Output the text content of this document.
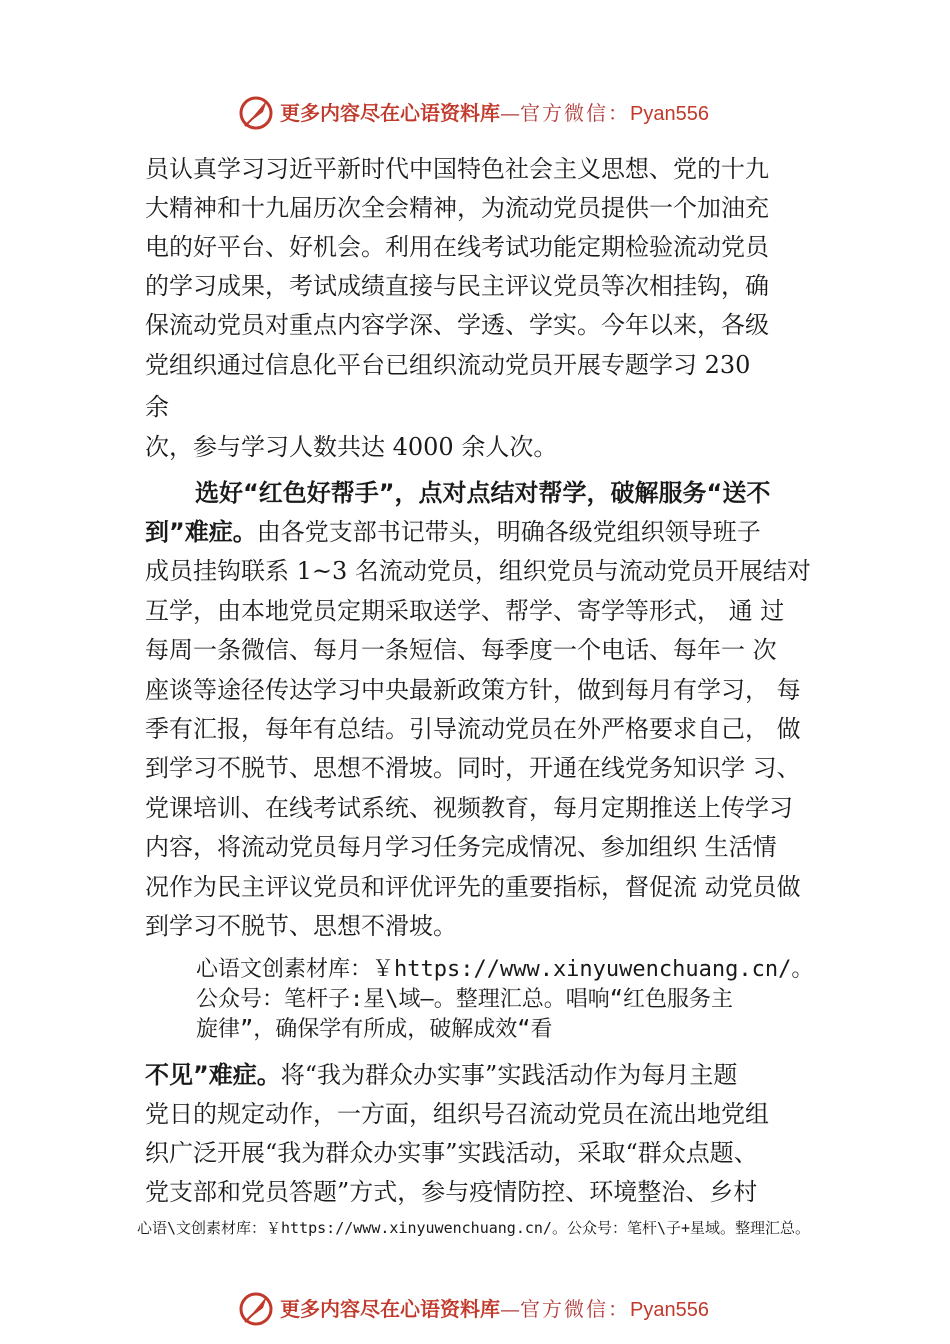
更多内容尽在心语资料库—官方微信：Pyan556
员认真学习习近平新时代中国特色社会主义思想、党的十九
大精神和十九届历次全会精神，为流动党员提供一个加油充
电的好平台、好机会。利用在线考试功能定期检验流动党员
的学习成果，考试成绩直接与民主评议党员等次相挂钩，确
保流动党员对重点内容学深、学透、学实。今年以来，各级
党组织通过信息化平台已组织流动党员开展专题学习 230
余
次，参与学习人数共达 4000 余人次。
选好“红色好帮手”，点对点结对帮学，破解服务“送不
到”难症。由各党支部书记带头，明确各级党组织领导班子
成员挂钩联系 1~3 名流动党员，组织党员与流动党员开展结对
互学，由本地党员定期采取送学、帮学、寄学等形式， 通 过
每周一条微信、每月一条短信、每季度一个电话、每年一 次
座谈等途径传达学习中央最新政策方针，做到每月有学习， 每
季有汇报，每年有总结。引导流动党员在外严格要求自己， 做
到学习不脱节、思想不滑坡。同时，开通在线党务知识学 习、
党课培训、在线考试系统、视频教育，每月定期推送上传学习
内容，将流动党员每月学习任务完成情况、参加组织 生活情
况作为民主评议党员和评优评先的重要指标，督促流 动党员做
到学习不脱节、思想不滑坡。
心语文创素材库：￥https://www.xinyuwenchuang.cn/。
公众号：笔杆子:星\域—。整理汇总。唱响“红色服务主
旋律”，确保学有所成，破解成效“看
不见”难症。将“我为群众办实事”实践活动作为每月主题
党日的规定动作，一方面，组织号召流动党员在流出地党组
织广泛开展“我为群众办实事”实践活动，采取“群众点题、
党支部和党员答题”方式，参与疫情防控、环境整治、乡村
心语\文创素材库：￥https://www.xinyuwenchuang.cn/。公众号：笔杆\子+星域。整理汇总。
更多内容尽在心语资料库—官方微信：Pyan556
